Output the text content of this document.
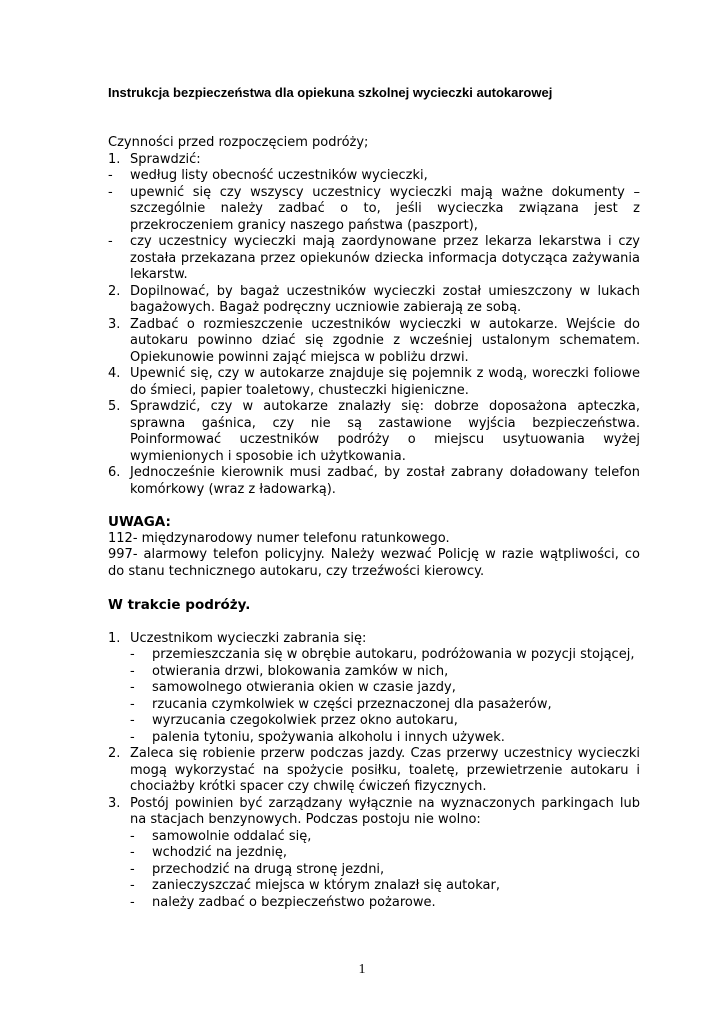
Instrukcja bezpieczeństwa dla opiekuna szkolnej wycieczki autokarowej

Czynności przed rozpoczęciem podróży;

1. Sprawdzić:
-	według listy obecność uczestników wycieczki,
-	upewnić się czy wszyscy uczestnicy wycieczki mają ważne dokumenty – szczególnie należy zadbać o to, jeśli wycieczka związana jest z przekroczeniem granicy naszego państwa (paszport),
-	czy uczestnicy wycieczki mają zaordynowane przez lekarza lekarstwa i czy została przekazana przez opiekunów dziecka informacja dotycząca zażywania lekarstw.
2. Dopilnować, by bagaż uczestników wycieczki został umieszczony w lukach bagażowych. Bagaż podręczny uczniowie zabierają ze sobą.
3. Zadbać o rozmieszczenie uczestników wycieczki w autokarze. Wejście do autokaru powinno dziać się zgodnie z wcześniej ustalonym schematem. Opiekunowie powinni zająć miejsca w pobliżu drzwi.
4. Upewnić się, czy w autokarze znajduje się pojemnik z wodą, woreczki foliowe do śmieci, papier toaletowy, chusteczki higieniczne.
5. Sprawdzić, czy w autokarze znalazły się: dobrze doposażona apteczka, sprawna gaśnica, czy nie są zastawione wyjścia bezpieczeństwa. Poinformować uczestników podróży o miejscu usytuowania wyżej wymienionych i sposobie ich użytkowania.
6. Jednocześnie kierownik musi zadbać, by został zabrany doładowany telefon komórkowy (wraz z ładowarką).

UWAGA:

112- międzynarodowy numer telefonu ratunkowego.

997- alarmowy telefon policyjny. Należy wezwać Policję w razie wątpliwości, co do stanu technicznego autokaru, czy trzeźwości kierowcy.

W trakcie podróży.

1. Uczestnikom wycieczki zabrania się:
-	przemieszczania się w obrębie autokaru, podróżowania w pozycji stojącej,
-	otwierania drzwi, blokowania zamków w nich,
-	samowolnego otwierania okien w czasie jazdy,
-	rzucania czymkolwiek w części przeznaczonej dla pasażerów,
-	wyrzucania czegokolwiek przez okno autokaru,
-	palenia tytoniu, spożywania alkoholu i innych używek.
2. Zaleca się robienie przerw podczas jazdy. Czas przerwy uczestnicy wycieczki mogą wykorzystać na spożycie posiłku, toaletę, przewietrzenie autokaru i chociażby krótki spacer czy chwilę ćwiczeń fizycznych.
3. Postój powinien być zarządzany wyłącznie na wyznaczonych parkingach lub na stacjach benzynowych. Podczas postoju nie wolno:
-	samowolnie oddalać się,
-	wchodzić na jezdnię,
-	przechodzić na drugą stronę jezdni,
-	zanieczyszczać miejsca w którym znalazł się autokar,
-	należy zadbać o bezpieczeństwo pożarowe.
1
